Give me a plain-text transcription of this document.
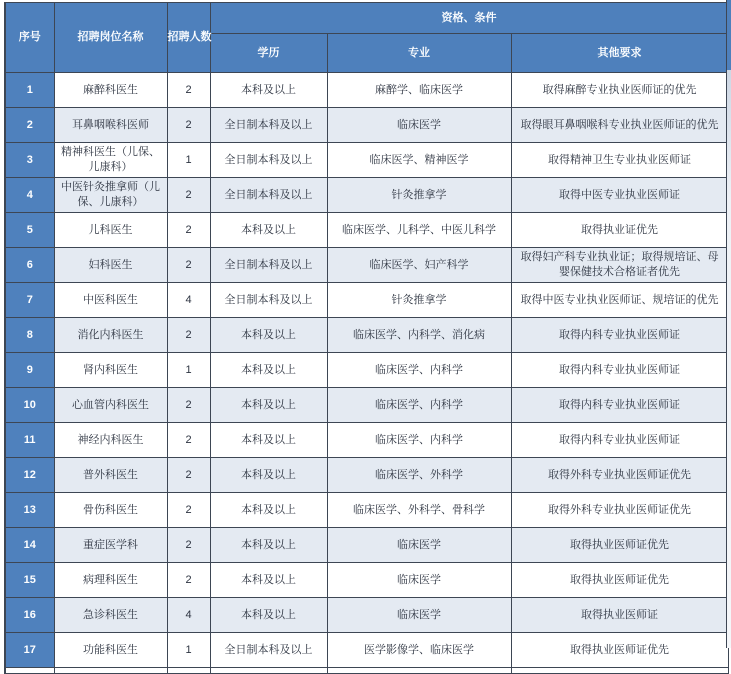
序号	招聘岗位名称	招聘人数	资格、条件		
			学历	专业	其他要求
1	麻醉科医生	2	本科及以上	麻醉学、临床医学	取得麻醉专业执业医师证的优先
2	耳鼻咽喉科医师	2	全日制本科及以上	临床医学	取得眼耳鼻咽喉科专业执业医师证的优先
3	精神科医生（儿保、儿康科）	1	全日制本科及以上	临床医学、精神医学	取得精神卫生专业执业医师证
4	中医针灸推拿师（儿保、儿康科）	2	全日制本科及以上	针灸推拿学	取得中医专业执业医师证
5	儿科医生	2	本科及以上	临床医学、儿科学、中医儿科学	取得执业证优先
6	妇科医生	2	全日制本科及以上	临床医学、妇产科学	取得妇产科专业执业证；取得规培证、母婴保健技术合格证者优先
7	中医科医生	4	全日制本科及以上	针灸推拿学	取得中医专业执业医师证、规培证的优先
8	消化内科医生	2	本科及以上	临床医学、内科学、消化病	取得内科专业执业医师证
9	肾内科医生	1	本科及以上	临床医学、内科学	取得内科专业执业医师证
10	心血管内科医生	2	本科及以上	临床医学、内科学	取得内科专业执业医师证
11	神经内科医生	2	本科及以上	临床医学、内科学	取得内科专业执业医师证
12	普外科医生	2	本科及以上	临床医学、外科学	取得外科专业执业医师证优先
13	骨伤科医生	2	本科及以上	临床医学、外科学、骨科学	取得外科专业执业医师证优先
14	重症医学科	2	本科及以上	临床医学	取得执业医师证优先
15	病理科医生	2	本科及以上	临床医学	取得执业医师证优先
16	急诊科医生	4	本科及以上	临床医学	取得执业医师证
17	功能科医生	1	全日制本科及以上	医学影像学、临床医学	取得执业医师证优先
